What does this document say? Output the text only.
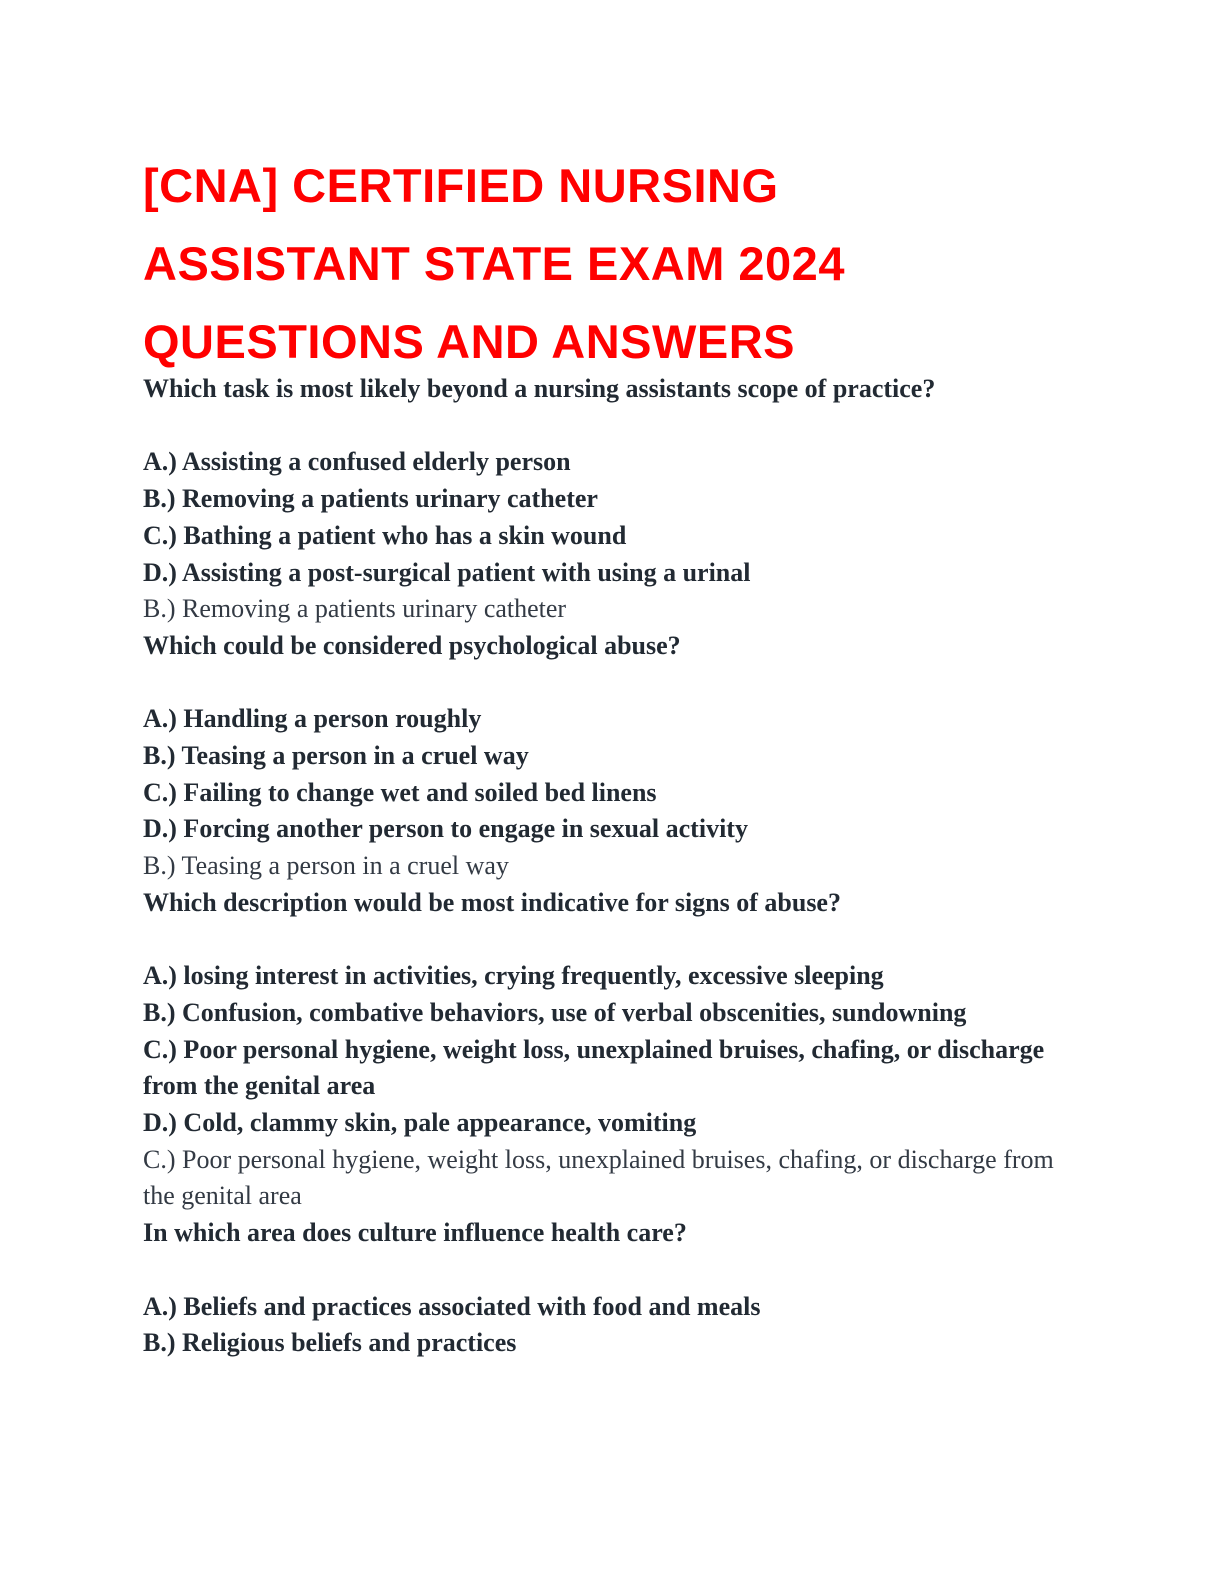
[CNA] CERTIFIED NURSING
ASSISTANT STATE EXAM 2024
QUESTIONS AND ANSWERS
Which task is most likely beyond a nursing assistants scope of practice?
A.) Assisting a confused elderly person
B.) Removing a patients urinary catheter
C.) Bathing a patient who has a skin wound
D.) Assisting a post-surgical patient with using a urinal
B.) Removing a patients urinary catheter
Which could be considered psychological abuse?
A.) Handling a person roughly
B.) Teasing a person in a cruel way
C.) Failing to change wet and soiled bed linens
D.) Forcing another person to engage in sexual activity
B.) Teasing a person in a cruel way
Which description would be most indicative for signs of abuse?
A.) losing interest in activities, crying frequently, excessive sleeping
B.) Confusion, combative behaviors, use of verbal obscenities, sundowning
C.) Poor personal hygiene, weight loss, unexplained bruises, chafing, or discharge from the genital area
D.) Cold, clammy skin, pale appearance, vomiting
C.) Poor personal hygiene, weight loss, unexplained bruises, chafing, or discharge from the genital area
In which area does culture influence health care?
A.) Beliefs and practices associated with food and meals
B.) Religious beliefs and practices
